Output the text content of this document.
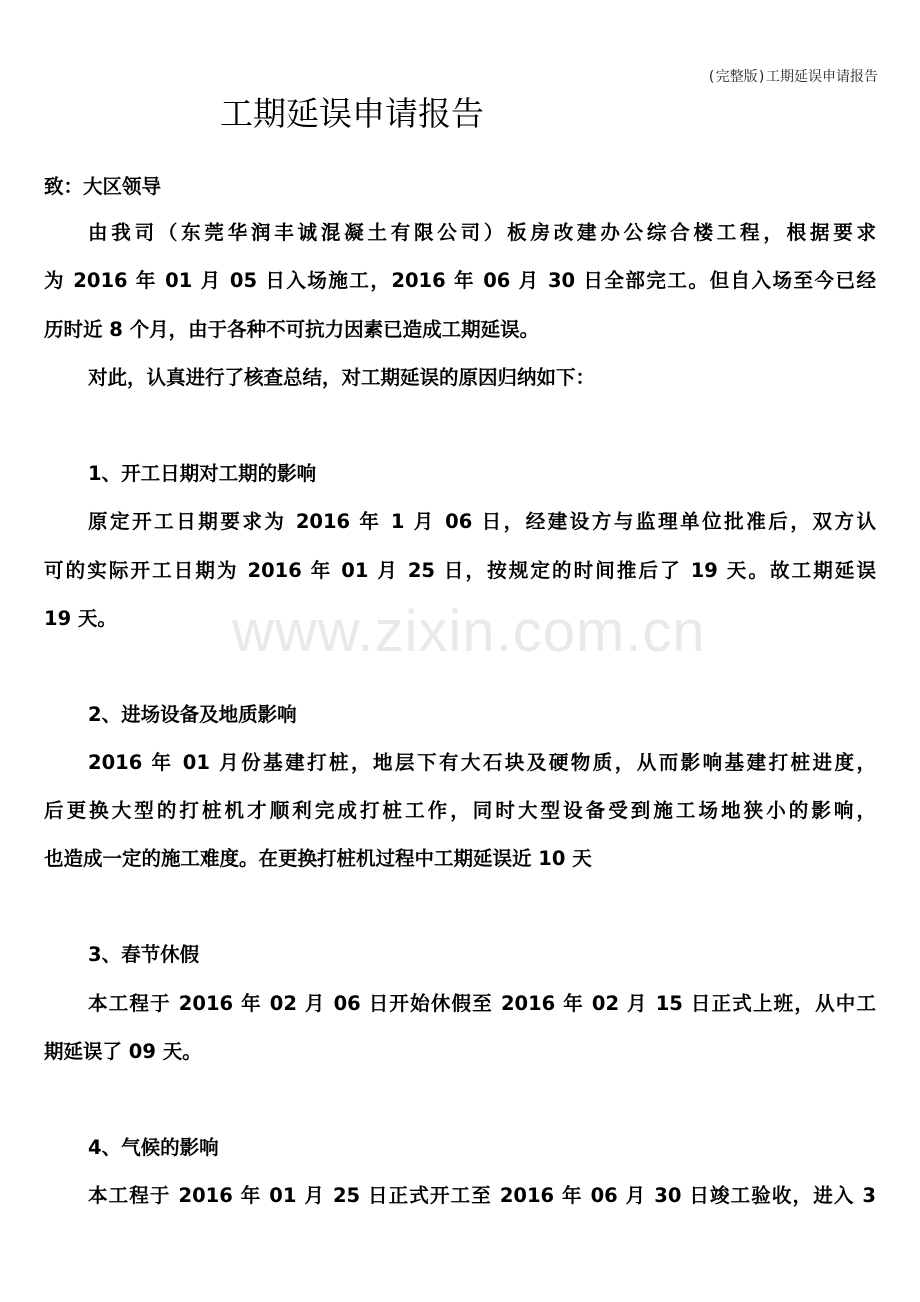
(完整版)工期延误申请报告
工期延误申请报告
www.zixin.com.cn
致：大区领导
由我司（东莞华润丰诚混凝土有限公司）板房改建办公综合楼工程，根据要求
为 2016 年 01 月 05 日入场施工，2016 年 06 月 30 日全部完工。但自入场至今已经
历时近 8 个月，由于各种不可抗力因素已造成工期延误。
对此，认真进行了核查总结，对工期延误的原因归纳如下：
1、开工日期对工期的影响
原定开工日期要求为 2016 年 1 月 06 日，经建设方与监理单位批准后，双方认
可的实际开工日期为 2016 年 01 月 25 日，按规定的时间推后了 19 天。故工期延误
19 天。
2、进场设备及地质影响
2016 年 01 月份基建打桩，地层下有大石块及硬物质，从而影响基建打桩进度，
后更换大型的打桩机才顺利完成打桩工作，同时大型设备受到施工场地狭小的影响，
也造成一定的施工难度。在更换打桩机过程中工期延误近 10 天
3、春节休假
本工程于 2016 年 02 月 06 日开始休假至 2016 年 02 月 15 日正式上班，从中工
期延误了 09 天。
4、气候的影响
本工程于 2016 年 01 月 25 日正式开工至 2016 年 06 月 30 日竣工验收，进入 3
